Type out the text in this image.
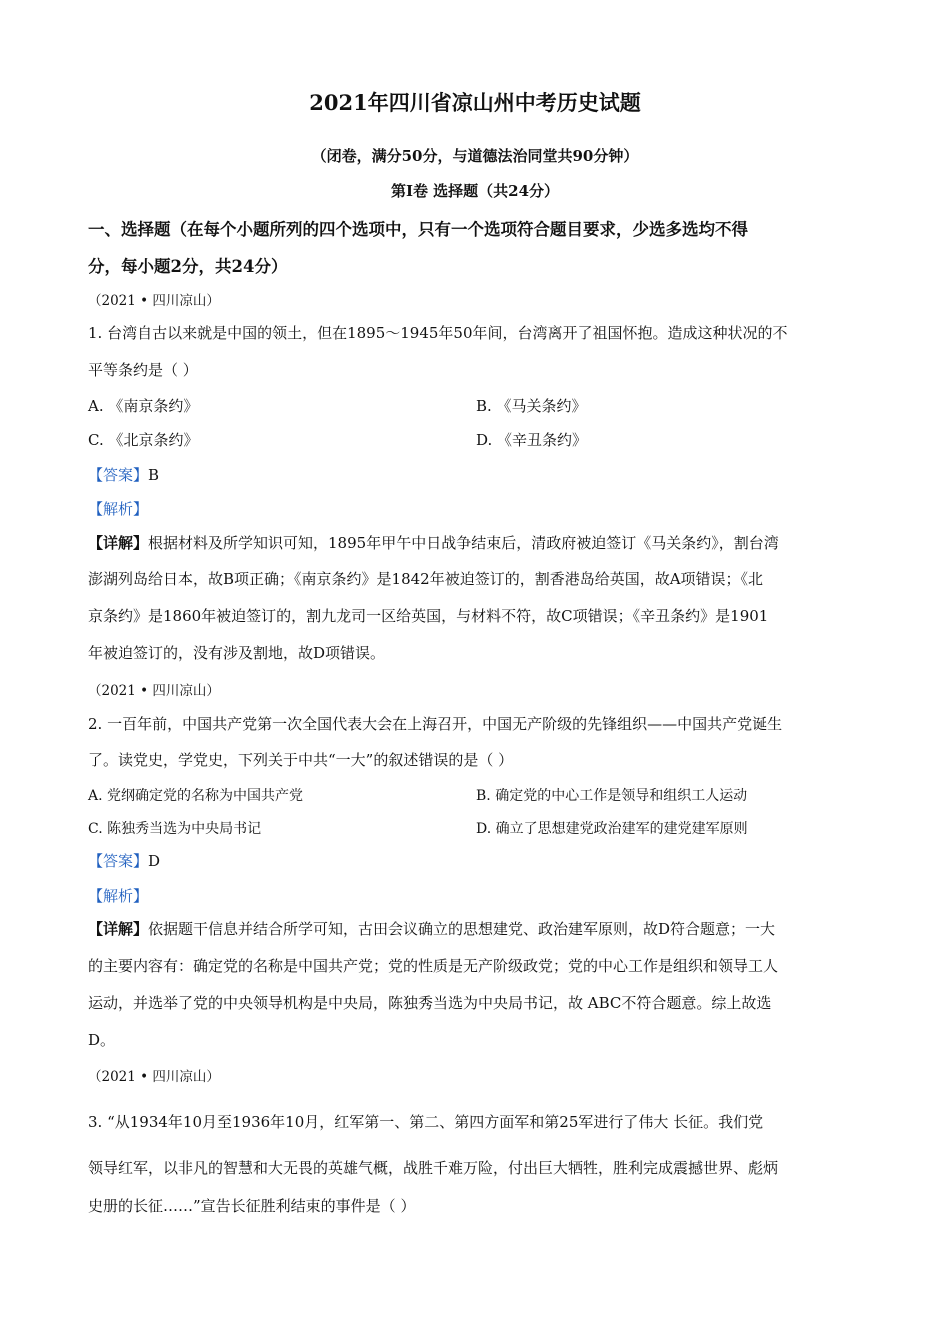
2021年四川省凉山州中考历史试题
（闭卷，满分50分，与道德法治同堂共90分钟）
第Ⅰ卷 选择题（共24分）
一、选择题（在每个小题所列的四个选项中，只有一个选项符合题目要求，少选多选均不得
分，每小题2分，共24分）
（2021 • 四川凉山）
1. 台湾自古以来就是中国的领土，但在1895～1945年50年间，台湾离开了祖国怀抱。造成这种状况的不
平等条约是（ ）
A. 《南京条约》	B. 《马关条约》
C. 《北京条约》	D. 《辛丑条约》
【答案】B
【解析】
【详解】根据材料及所学知识可知，1895年甲午中日战争结束后，清政府被迫签订《马关条约》，割台湾
澎湖列岛给日本，故B项正确；《南京条约》是1842年被迫签订的，割香港岛给英国，故A项错误；《北
京条约》是1860年被迫签订的，割九龙司一区给英国，与材料不符，故C项错误；《辛丑条约》是1901
年被迫签订的，没有涉及割地，故D项错误。
（2021 • 四川凉山）
2. 一百年前，中国共产党第一次全国代表大会在上海召开，中国无产阶级的先锋组织——中国共产党诞生
了。读党史，学党史，下列关于中共“一大”的叙述错误的是（ ）
A. 党纲确定党的名称为中国共产党	B. 确定党的中心工作是领导和组织工人运动
C. 陈独秀当选为中央局书记	D. 确立了思想建党政治建军的建党建军原则
【答案】D
【解析】
【详解】依据题干信息并结合所学可知，古田会议确立的思想建党、政治建军原则，故D符合题意；一大
的主要内容有：确定党的名称是中国共产党；党的性质是无产阶级政党；党的中心工作是组织和领导工人
运动，并选举了党的中央领导机构是中央局，陈独秀当选为中央局书记，故 ABC不符合题意。综上故选
D。
（2021 • 四川凉山）
3. “从1934年10月至1936年10月，红军第一、第二、第四方面军和第25军进行了伟大 长征。我们党
领导红军，以非凡的智慧和大无畏的英雄气概，战胜千难万险，付出巨大牺牲，胜利完成震撼世界、彪炳
史册的长征……”宣告长征胜利结束的事件是（ ）
